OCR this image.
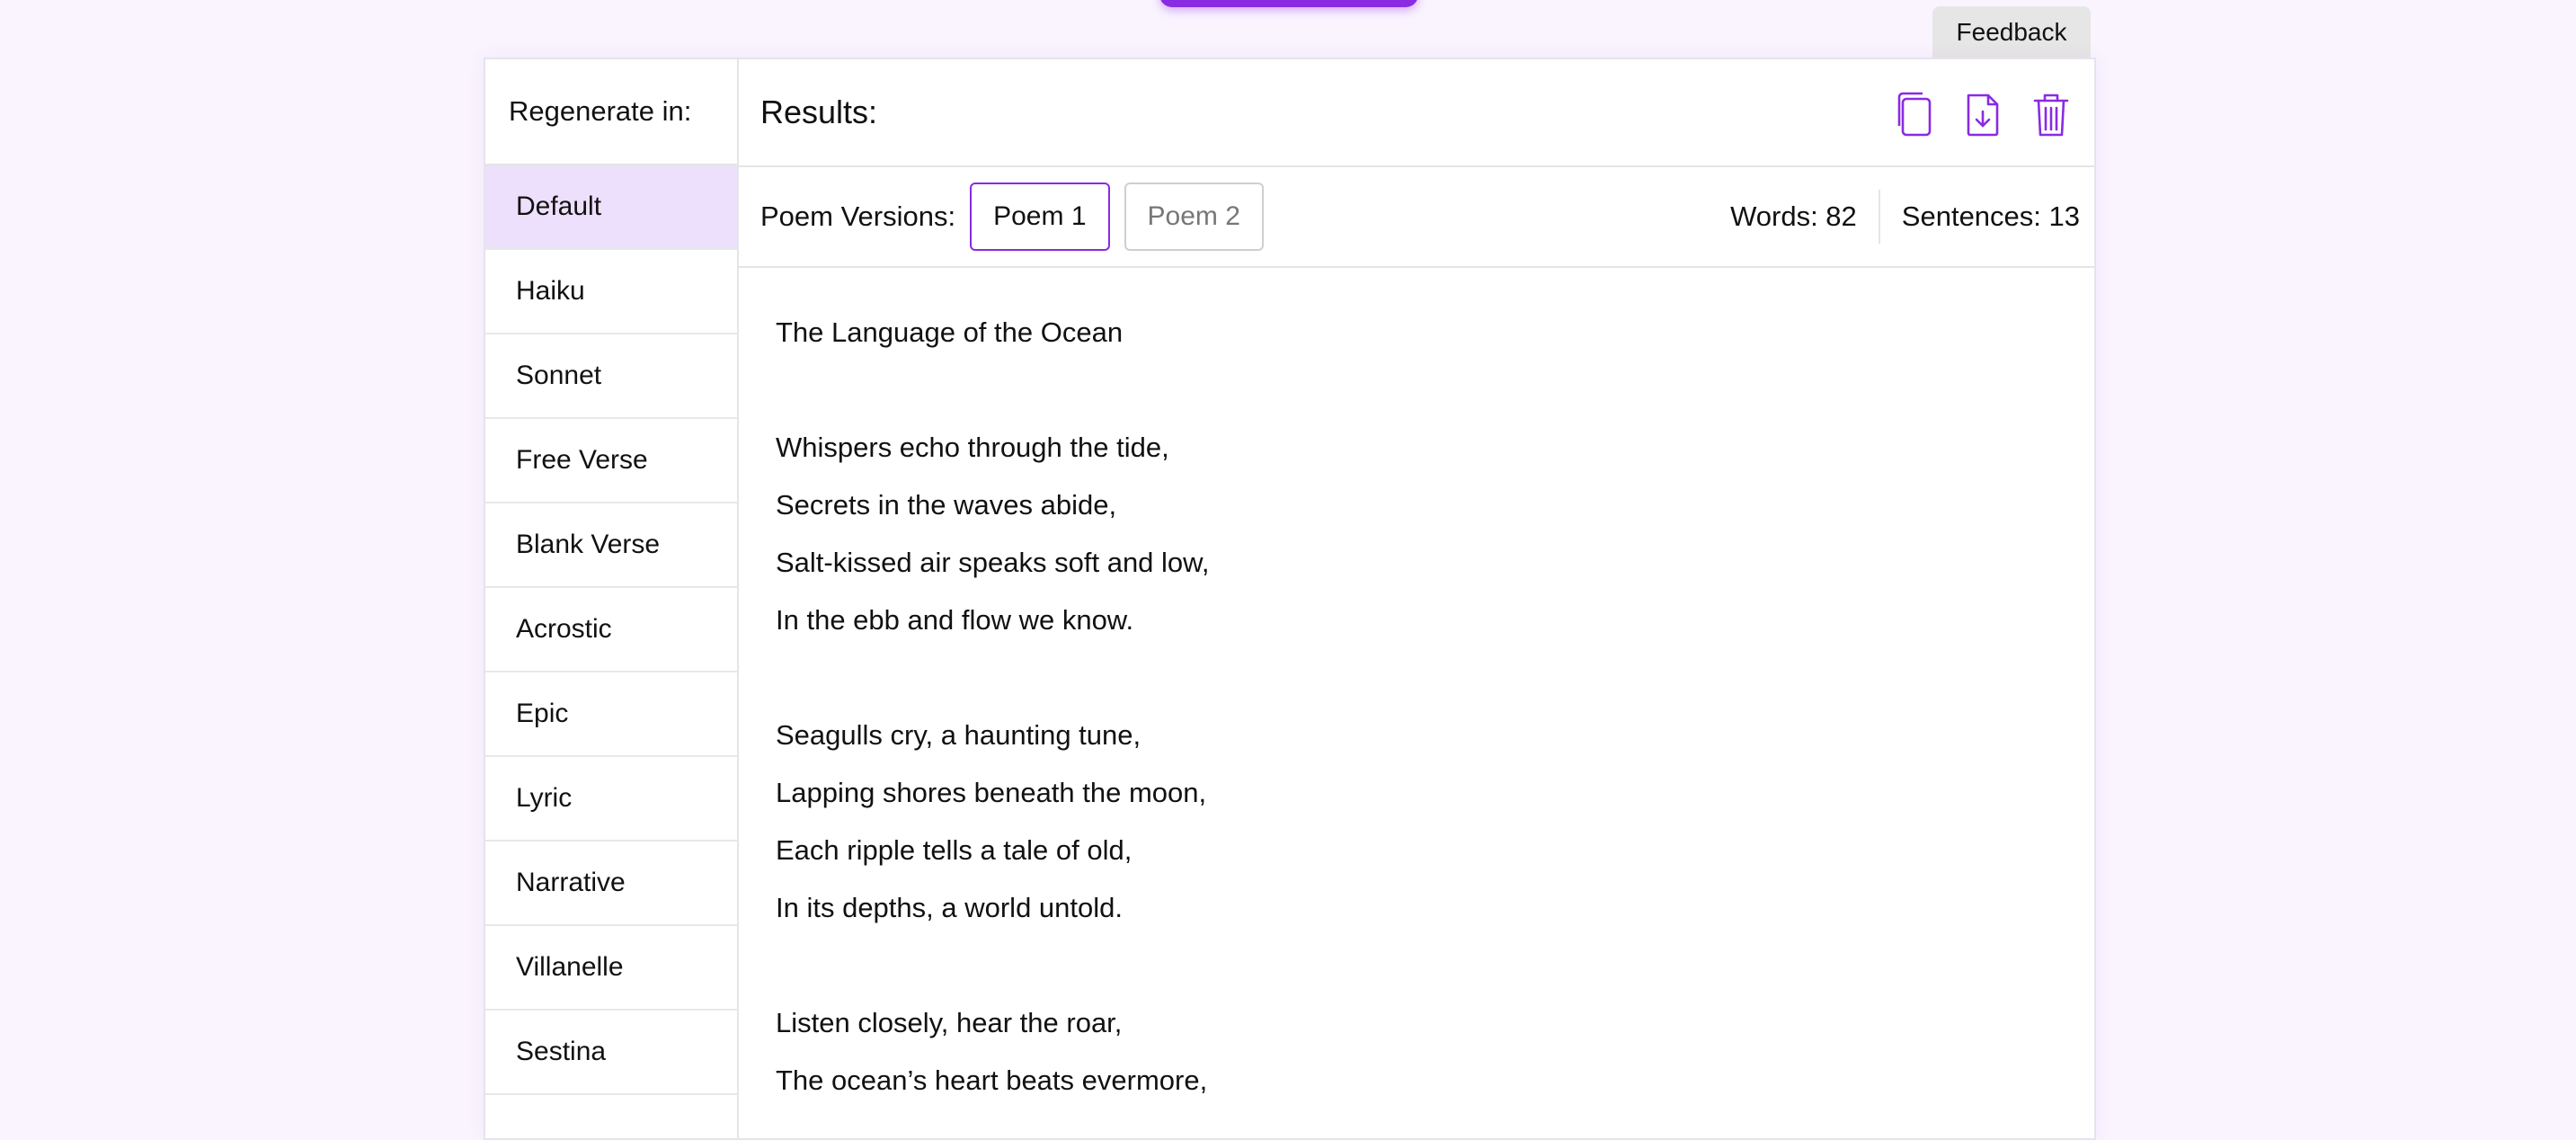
Feedback
Regenerate in:
Default
Haiku
Sonnet
Free Verse
Blank Verse
Acrostic
Epic
Lyric
Narrative
Villanelle
Sestina
Results:
Poem Versions:	Poem 1	Poem 2	Words: 82	Sentences: 13
The Language of the Ocean
Whispers echo through the tide,
Secrets in the waves abide,
Salt-kissed air speaks soft and low,
In the ebb and flow we know.
Seagulls cry, a haunting tune,
Lapping shores beneath the moon,
Each ripple tells a tale of old,
In its depths, a world untold.
Listen closely, hear the roar,
The ocean’s heart beats evermore,
